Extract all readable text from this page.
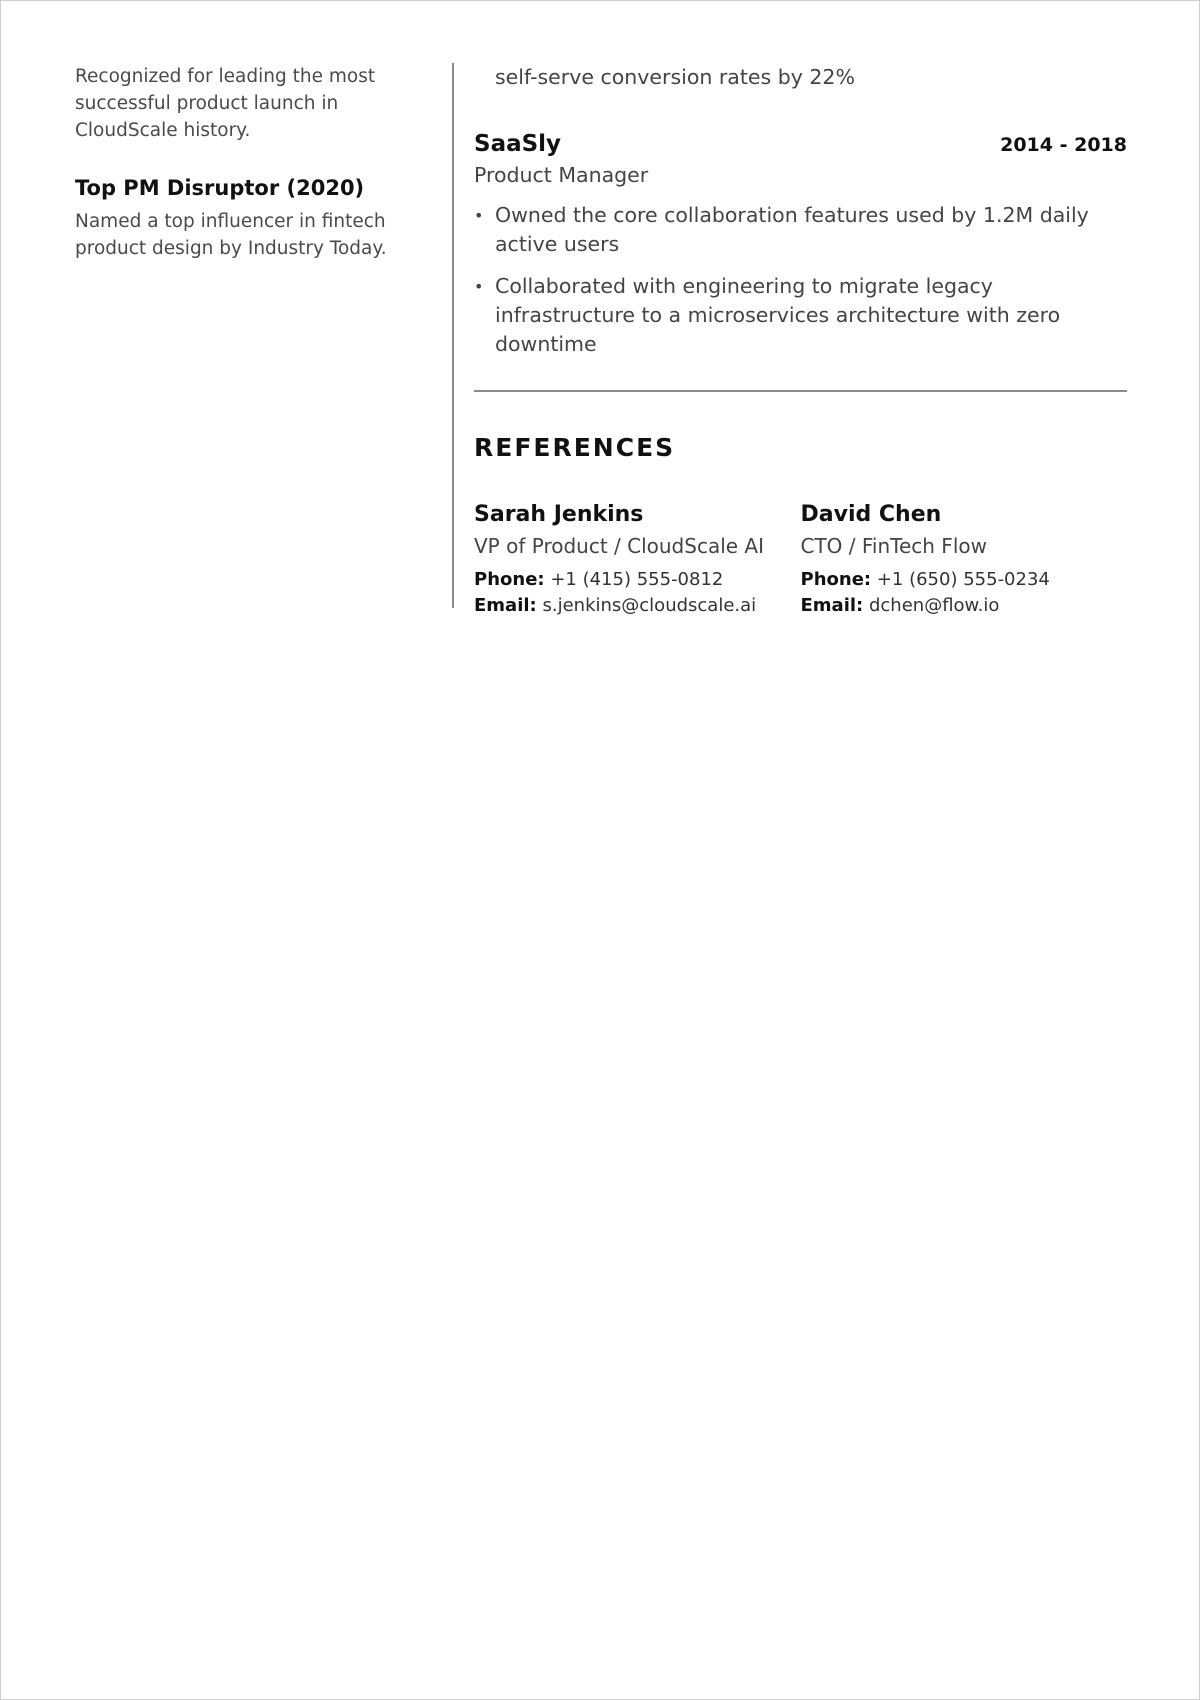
Recognized for leading the most successful product launch in CloudScale history.

Top PM Disruptor (2020)

Named a top influencer in fintech product design by Industry Today.

self-serve conversion rates by 22%

SaaSly	2014 - 2018
Product Manager
• Owned the core collaboration features used by 1.2M daily active users
• Collaborated with engineering to migrate legacy infrastructure to a microservices architecture with zero downtime
REFERENCES
Sarah Jenkins
VP of Product / CloudScale AI
Phone: +1 (415) 555-0812
Email: s.jenkins@cloudscale.ai
David Chen
CTO / FinTech Flow
Phone: +1 (650) 555-0234
Email: dchen@flow.io
